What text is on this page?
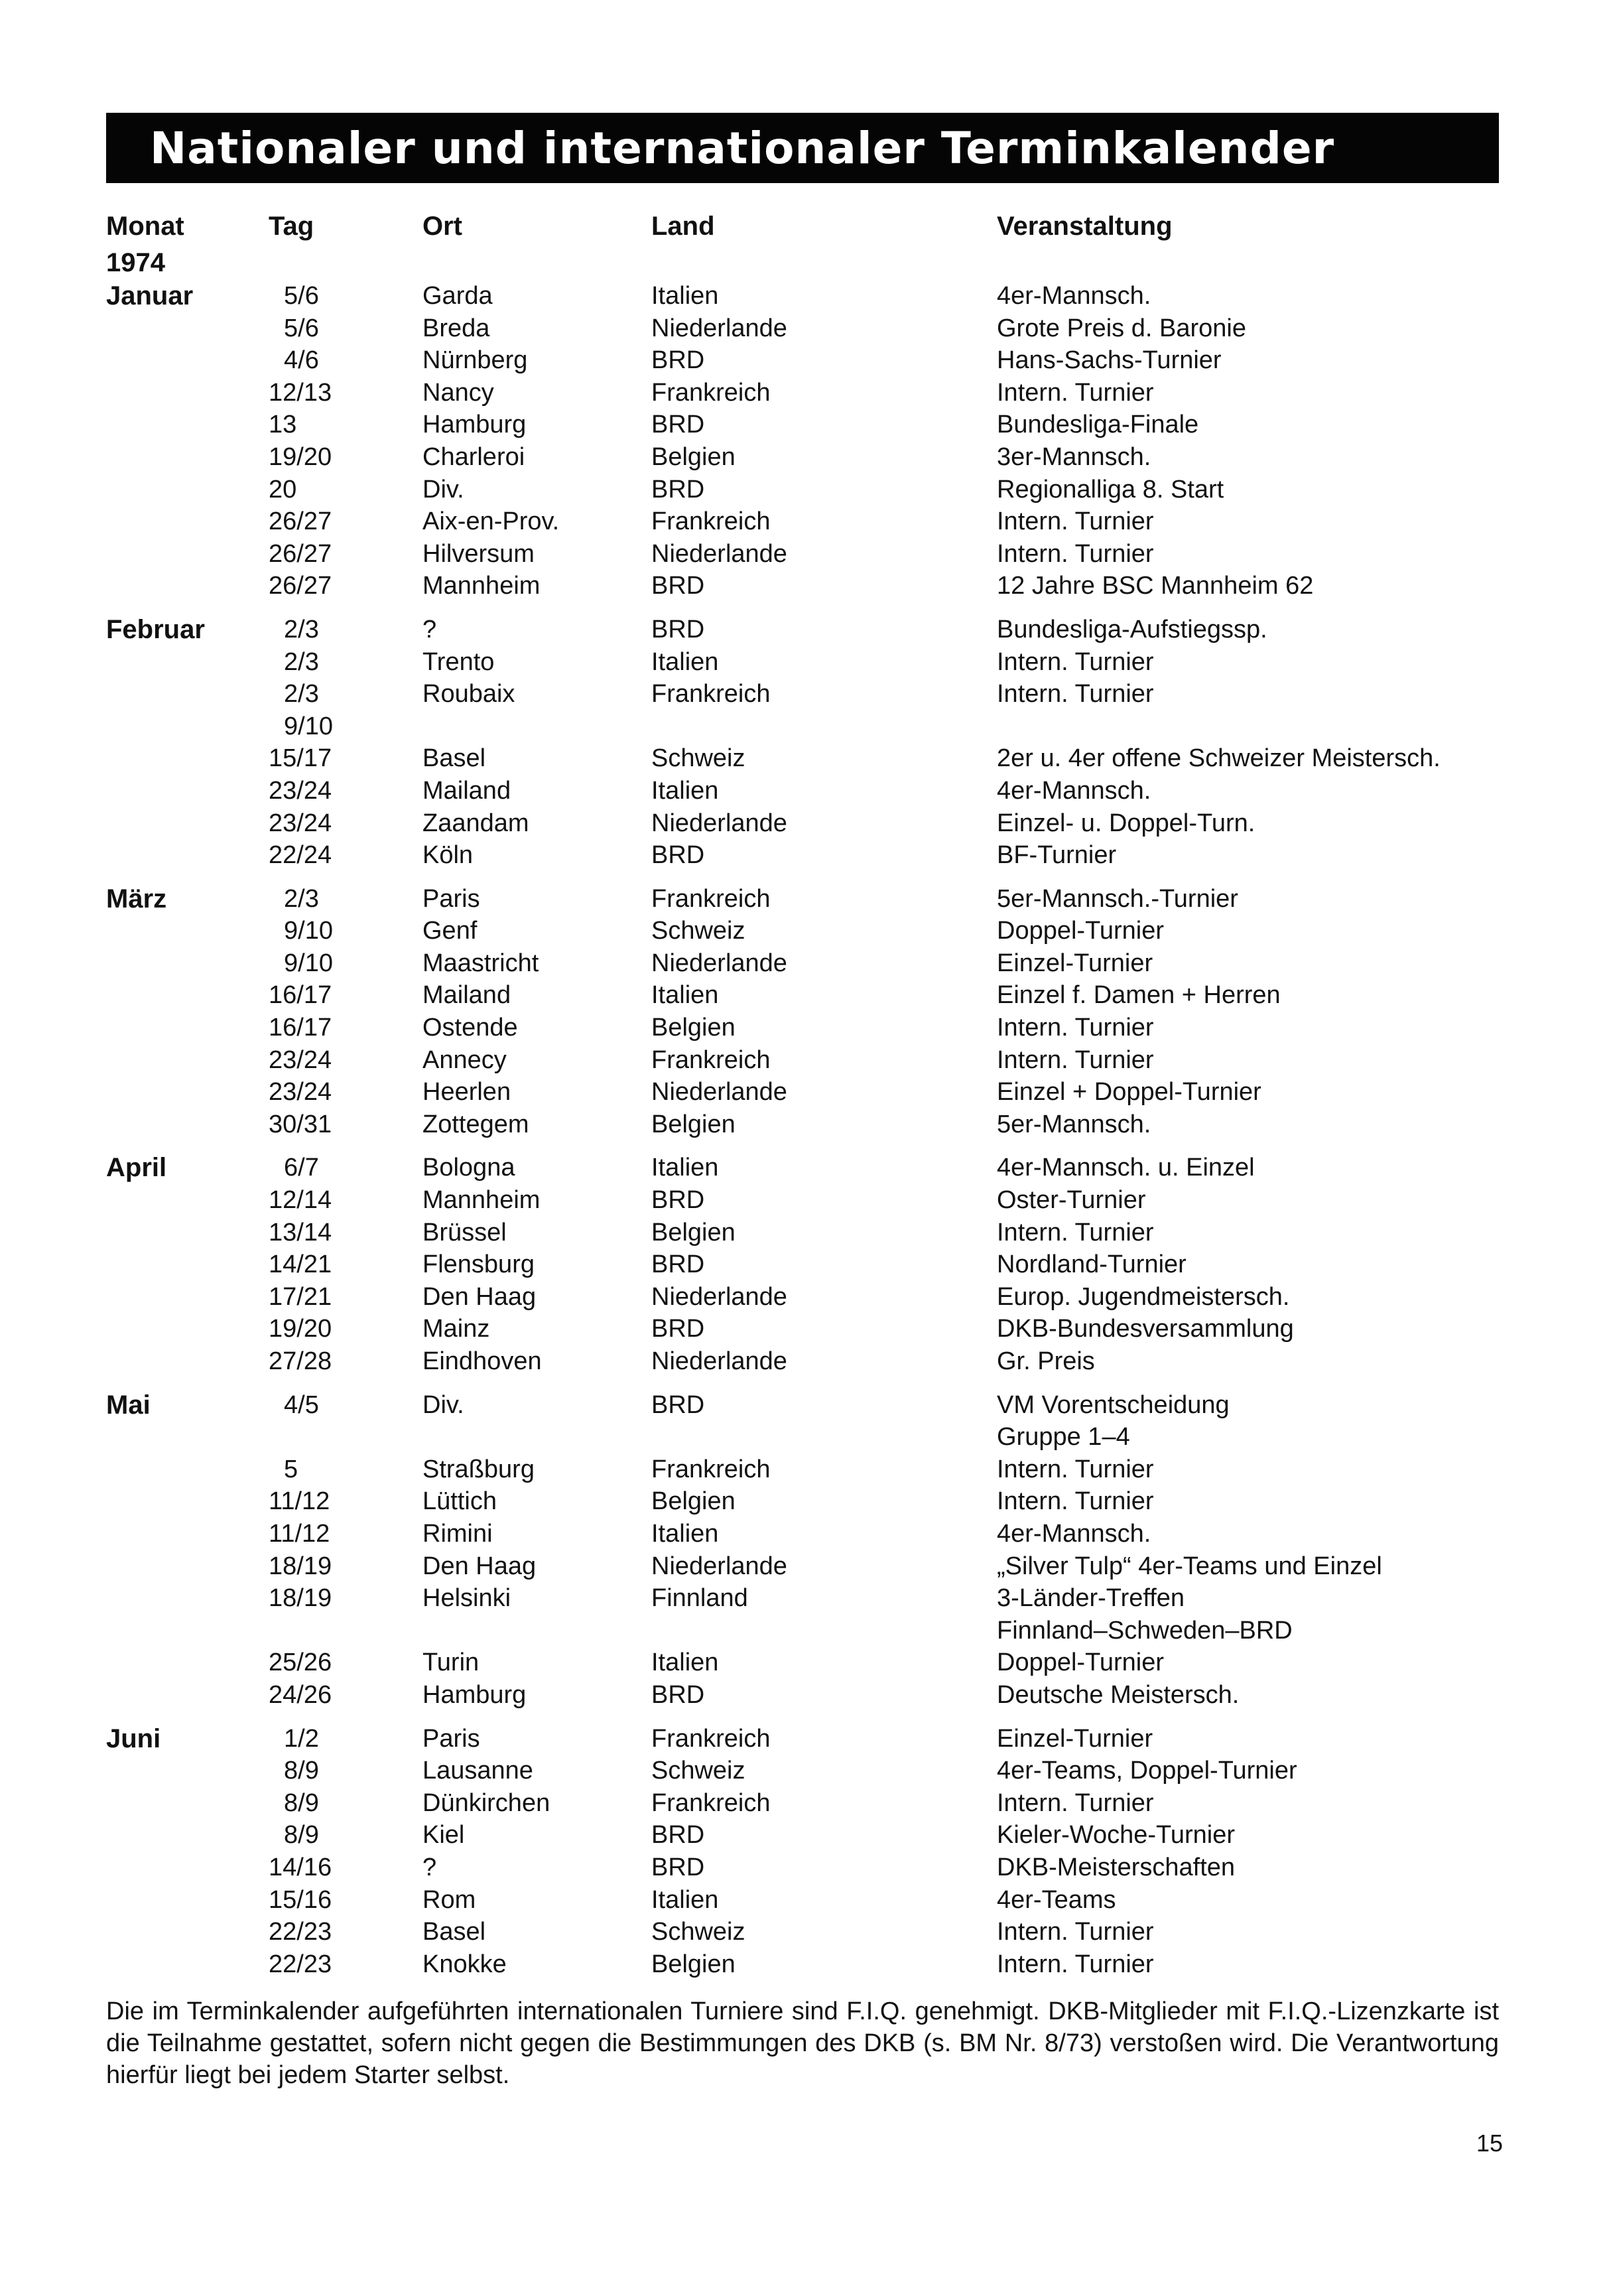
Nationaler und internationaler Terminkalender
Monat	Tag	Ort	Land	Veranstaltung
1974
Januar	5/6	Garda	Italien	4er-Mannsch.
5/6	Breda	Niederlande	Grote Preis d. Baronie
4/6	Nürnberg	BRD	Hans-Sachs-Turnier
12/13	Nancy	Frankreich	Intern. Turnier
13	Hamburg	BRD	Bundesliga-Finale
19/20	Charleroi	Belgien	3er-Mannsch.
20	Div.	BRD	Regionalliga 8. Start
26/27	Aix-en-Prov.	Frankreich	Intern. Turnier
26/27	Hilversum	Niederlande	Intern. Turnier
26/27	Mannheim	BRD	12 Jahre BSC Mannheim 62
Februar	2/3	?	BRD	Bundesliga-Aufstiegssp.
2/3	Trento	Italien	Intern. Turnier
2/3	Roubaix	Frankreich	Intern. Turnier
9/10
15/17	Basel	Schweiz	2er u. 4er offene Schweizer Meistersch.
23/24	Mailand	Italien	4er-Mannsch.
23/24	Zaandam	Niederlande	Einzel- u. Doppel-Turn.
22/24	Köln	BRD	BF-Turnier
März	2/3	Paris	Frankreich	5er-Mannsch.-Turnier
9/10	Genf	Schweiz	Doppel-Turnier
9/10	Maastricht	Niederlande	Einzel-Turnier
16/17	Mailand	Italien	Einzel f. Damen + Herren
16/17	Ostende	Belgien	Intern. Turnier
23/24	Annecy	Frankreich	Intern. Turnier
23/24	Heerlen	Niederlande	Einzel + Doppel-Turnier
30/31	Zottegem	Belgien	5er-Mannsch.
April	6/7	Bologna	Italien	4er-Mannsch. u. Einzel
12/14	Mannheim	BRD	Oster-Turnier
13/14	Brüssel	Belgien	Intern. Turnier
14/21	Flensburg	BRD	Nordland-Turnier
17/21	Den Haag	Niederlande	Europ. Jugendmeistersch.
19/20	Mainz	BRD	DKB-Bundesversammlung
27/28	Eindhoven	Niederlande	Gr. Preis
Mai	4/5	Div.	BRD	VM Vorentscheidung
Gruppe 1–4
5	Straßburg	Frankreich	Intern. Turnier
11/12	Lüttich	Belgien	Intern. Turnier
11/12	Rimini	Italien	4er-Mannsch.
18/19	Den Haag	Niederlande	„Silver Tulp“ 4er-Teams und Einzel
18/19	Helsinki	Finnland	3-Länder-Treffen
Finnland–Schweden–BRD
25/26	Turin	Italien	Doppel-Turnier
24/26	Hamburg	BRD	Deutsche Meistersch.
Juni	1/2	Paris	Frankreich	Einzel-Turnier
8/9	Lausanne	Schweiz	4er-Teams, Doppel-Turnier
8/9	Dünkirchen	Frankreich	Intern. Turnier
8/9	Kiel	BRD	Kieler-Woche-Turnier
14/16	?	BRD	DKB-Meisterschaften
15/16	Rom	Italien	4er-Teams
22/23	Basel	Schweiz	Intern. Turnier
22/23	Knokke	Belgien	Intern. Turnier
Die im Terminkalender aufgeführten internationalen Turniere sind F.I.Q. genehmigt. DKB-Mitglieder mit F.I.Q.-Lizenzkarte ist die Teilnahme gestattet, sofern nicht gegen die Bestimmungen des DKB (s. BM Nr. 8/73) verstoßen wird. Die Verantwortung hierfür liegt bei jedem Starter selbst.
15
